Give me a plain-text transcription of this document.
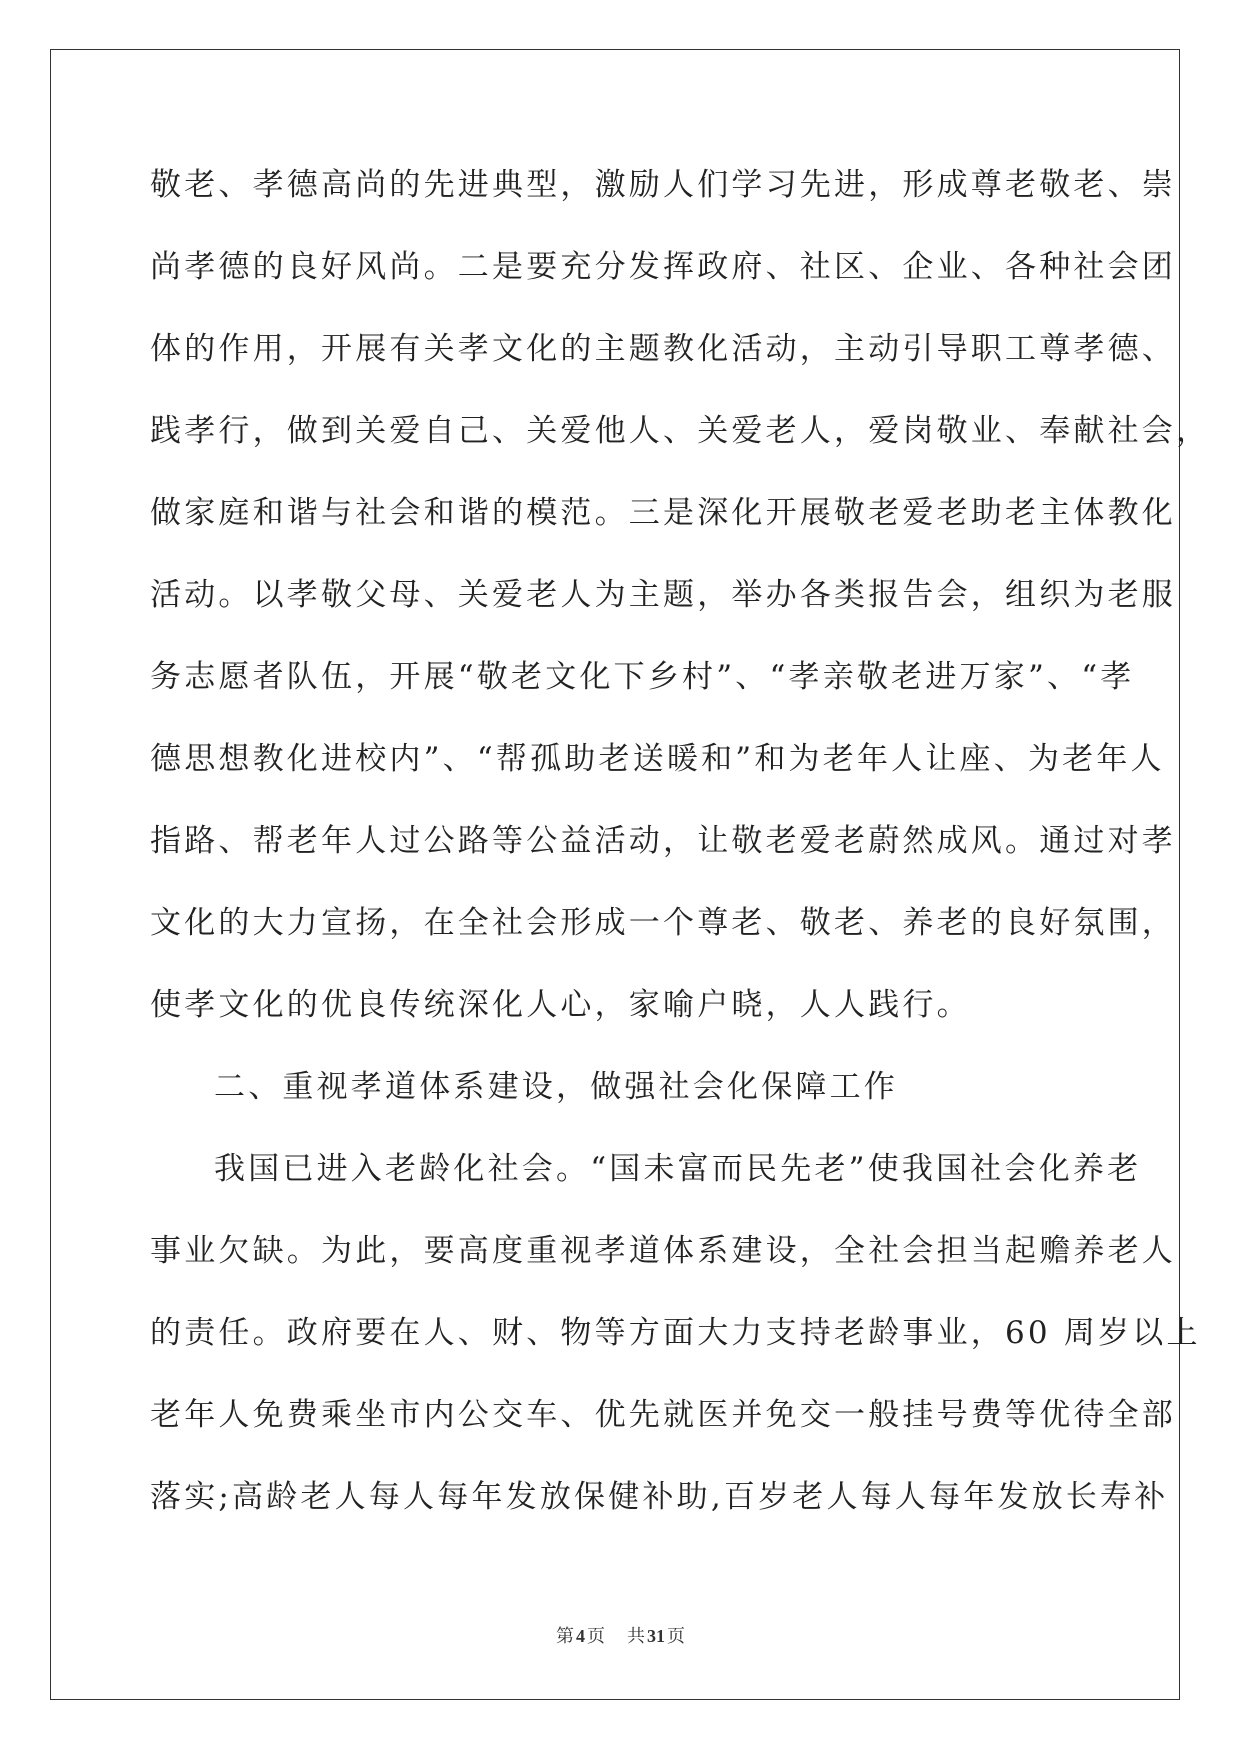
敬老、孝德高尚的先进典型，激励人们学习先进，形成尊老敬老、崇
尚孝德的良好风尚。二是要充分发挥政府、社区、企业、各种社会团
体的作用，开展有关孝文化的主题教化活动，主动引导职工尊孝德、
践孝行，做到关爱自己、关爱他人、关爱老人，爱岗敬业、奉献社会，
做家庭和谐与社会和谐的模范。三是深化开展敬老爱老助老主体教化
活动。以孝敬父母、关爱老人为主题，举办各类报告会，组织为老服
务志愿者队伍，开展“敬老文化下乡村”、“孝亲敬老进万家”、“孝
德思想教化进校内”、“帮孤助老送暖和”和为老年人让座、为老年人
指路、帮老年人过公路等公益活动，让敬老爱老蔚然成风。通过对孝
文化的大力宣扬，在全社会形成一个尊老、敬老、养老的良好氛围，
使孝文化的优良传统深化人心，家喻户晓，人人践行。
二、重视孝道体系建设，做强社会化保障工作
我国已进入老龄化社会。“国未富而民先老”使我国社会化养老
事业欠缺。为此，要高度重视孝道体系建设，全社会担当起赡养老人
的责任。政府要在人、财、物等方面大力支持老龄事业，60 周岁以上
老年人免费乘坐市内公交车、优先就医并免交一般挂号费等优待全部
落实;高龄老人每人每年发放保健补助,百岁老人每人每年发放长寿补
第 4 页 共 31 页
